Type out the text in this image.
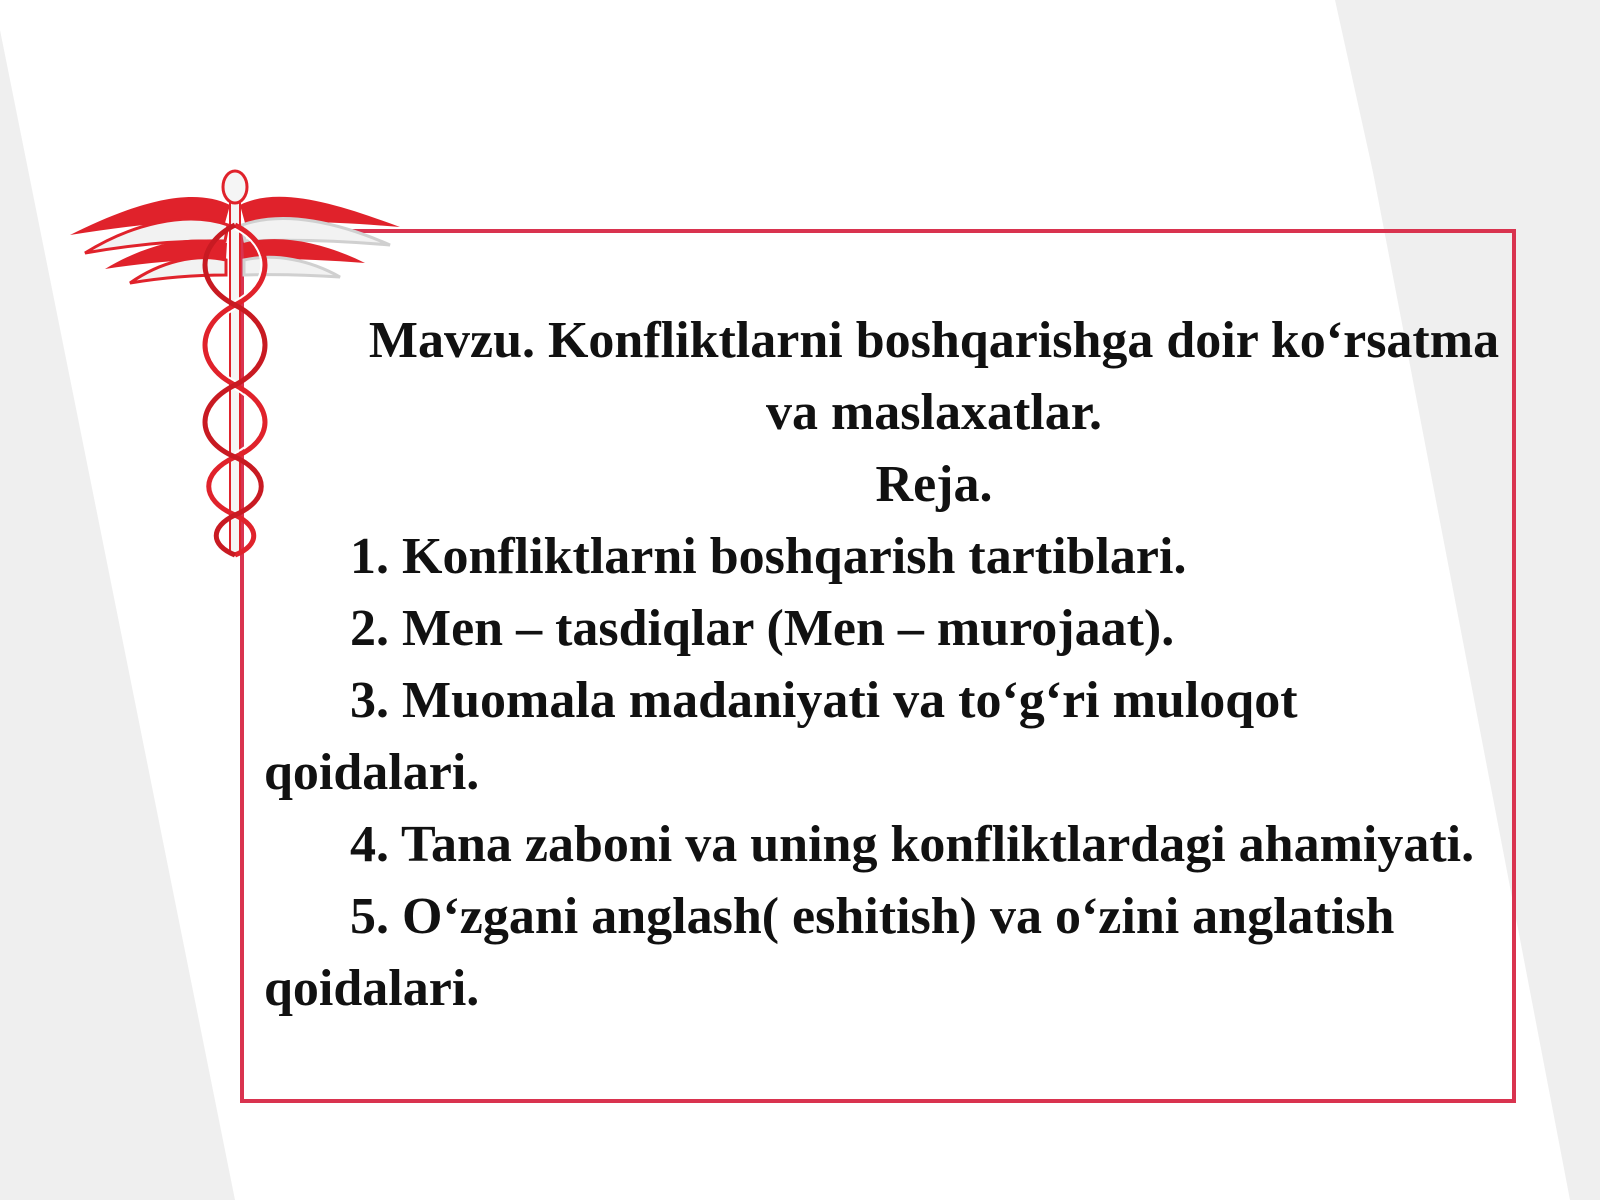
Mavzu. Konfliktlarni boshqarishga doir ko‘rsatma va maslaxatlar.

Reja.

1. Konfliktlarni boshqarish tartiblari.

2. Men – tasdiqlar (Men – murojaat).

3. Muomala madaniyati va to‘g‘ri muloqot qoidalari.

4. Tana zaboni va uning konfliktlardagi ahamiyati.

5. O‘zgani anglash( eshitish) va o‘zini anglatish qoidalari.
